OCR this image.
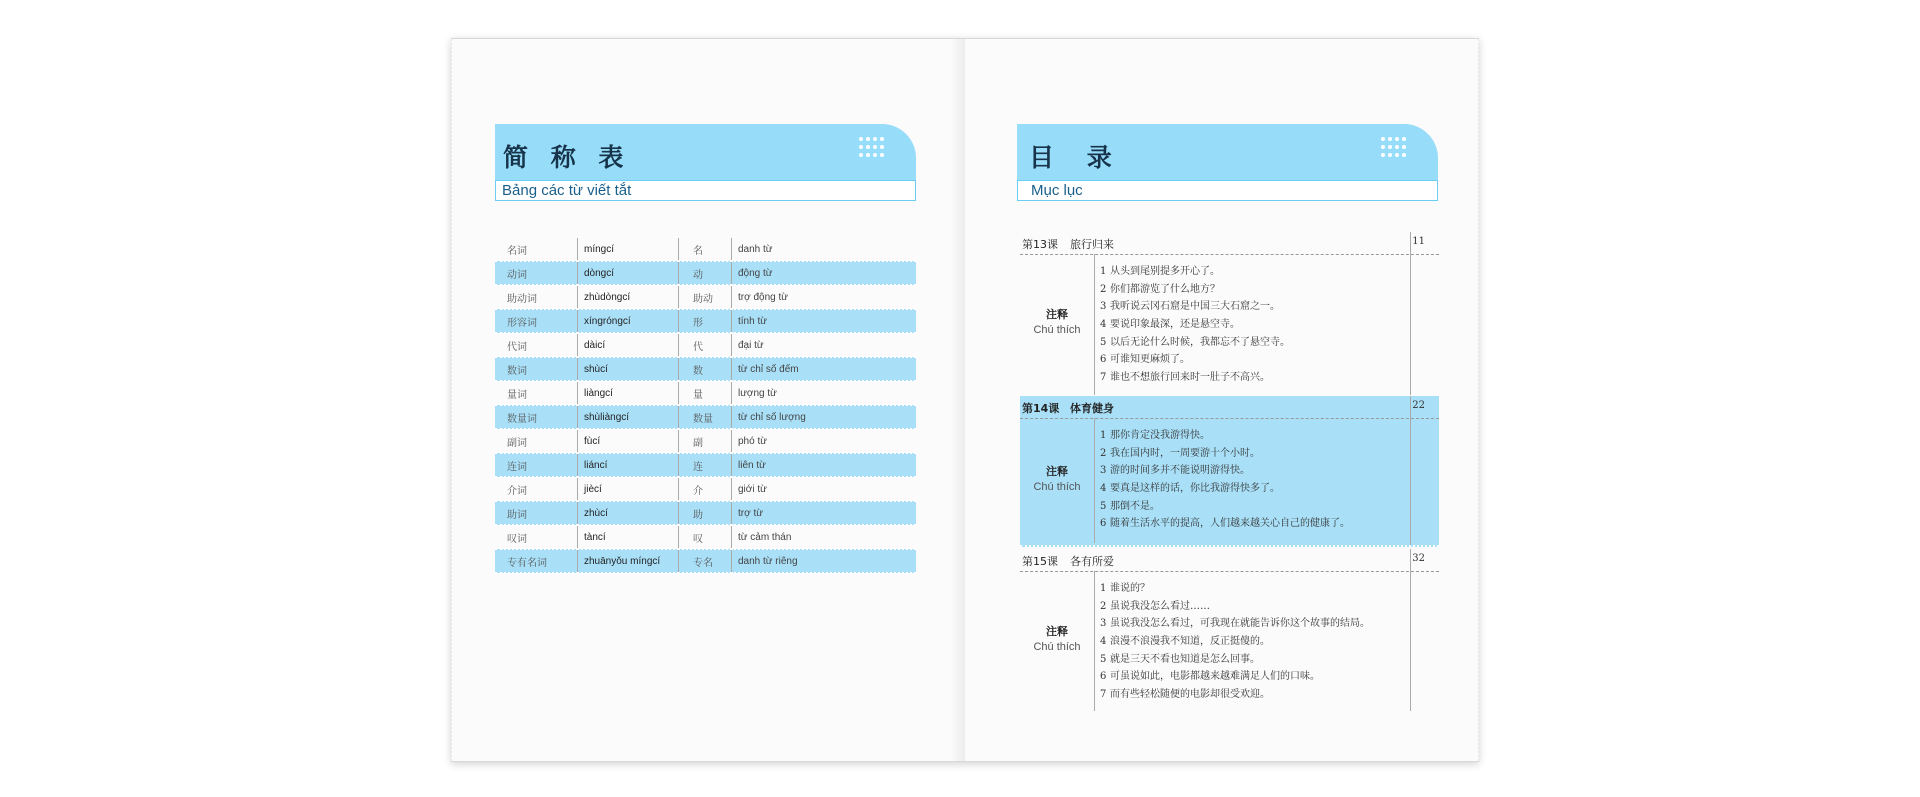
简 称 表
Bảng các từ viết tắt
名词	míngcí	名	danh từ
动词	dòngcí	动	động từ
助动词	zhùdòngcí	助动	trợ động từ
形容词	xíngróngcí	形	tính từ
代词	dàicí	代	đại từ
数词	shùcí	数	từ chỉ số đếm
量词	liàngcí	量	lượng từ
数量词	shùliàngcí	数量	từ chỉ số lượng
副词	fùcí	副	phó từ
连词	liáncí	连	liên từ
介词	jiècí	介	giới từ
助词	zhùcí	助	trợ từ
叹词	tàncí	叹	từ cảm thán
专有名词	zhuānyǒu míngcí	专名	danh từ riêng
目 录
Mục lục
第13课 旅行归来	11
注释
Chú thích
1 从头到尾别提多开心了。
2 你们都游览了什么地方？
3 我听说云冈石窟是中国三大石窟之一。
4 要说印象最深，还是悬空寺。
5 以后无论什么时候，我都忘不了悬空寺。
6 可谁知更麻烦了。
7 谁也不想旅行回来时一肚子不高兴。
第14课 体育健身	22
注释
Chú thích
1 那你肯定没我游得快。
2 我在国内时，一周要游十个小时。
3 游的时间多并不能说明游得快。
4 要真是这样的话，你比我游得快多了。
5 那倒不是。
6 随着生活水平的提高，人们越来越关心自己的健康了。
第15课 各有所爱	32
注释
Chú thích
1 谁说的？
2 虽说我没怎么看过……
3 虽说我没怎么看过，可我现在就能告诉你这个故事的结局。
4 浪漫不浪漫我不知道，反正挺傻的。
5 就是三天不看也知道是怎么回事。
6 可虽说如此，电影都越来越难满足人们的口味。
7 而有些轻松随便的电影却很受欢迎。
